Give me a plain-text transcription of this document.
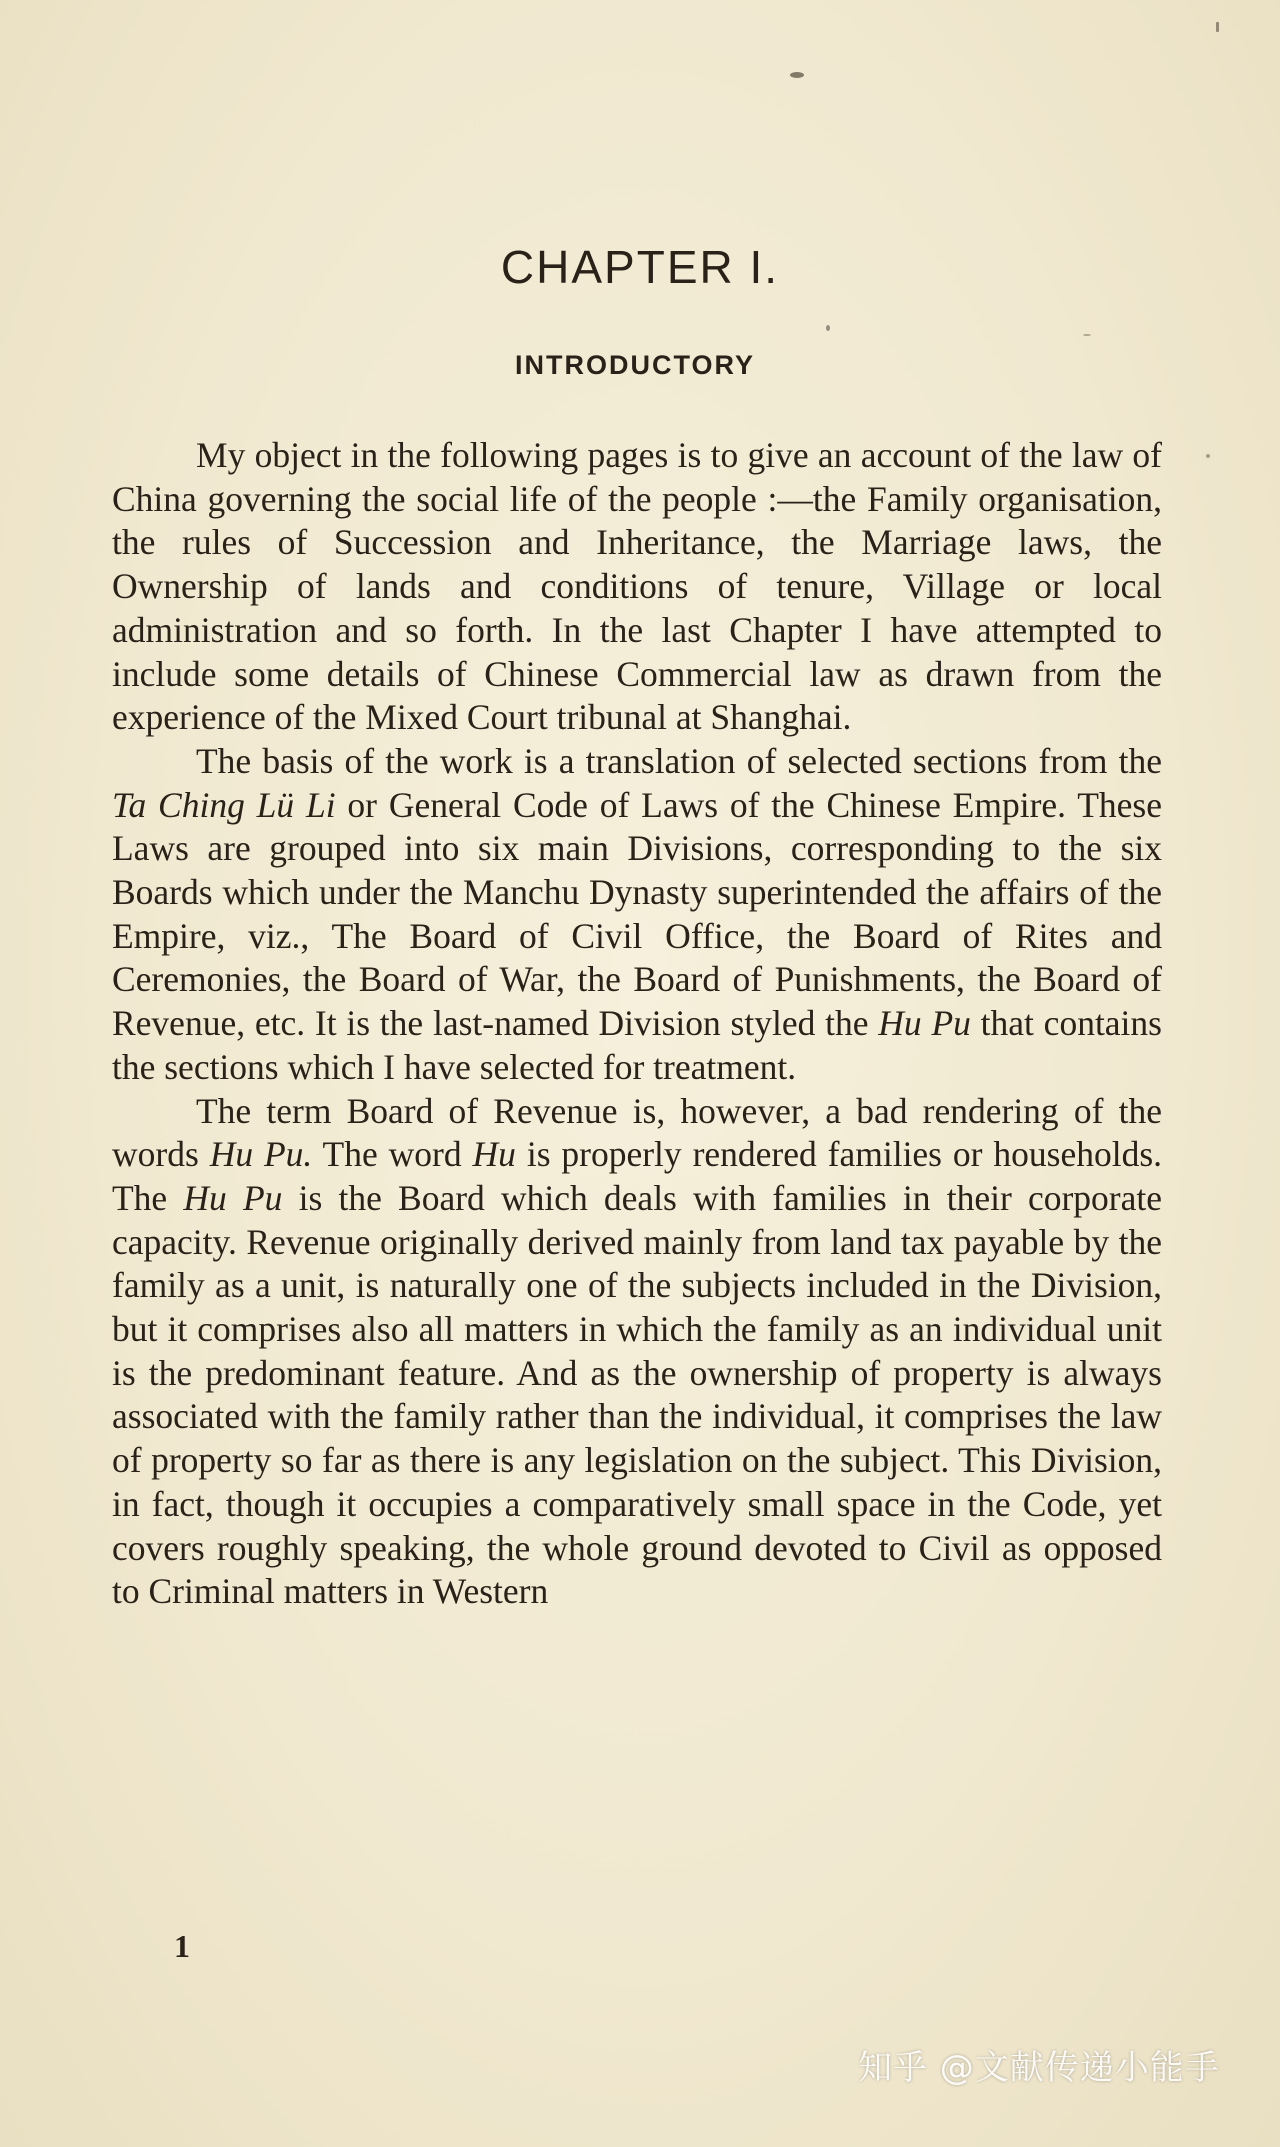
CHAPTER I.
INTRODUCTORY

My object in the following pages is to give an account of the law of China governing the social life of the people :—the Family organisation, the rules of Succession and Inheritance, the Marriage laws, the Ownership of lands and conditions of tenure, Village or local administration and so forth. In the last Chapter I have attempted to include some details of Chinese Commercial law as drawn from the experience of the Mixed Court tribunal at Shanghai.

The basis of the work is a translation of selected sections from the Ta Ching Lü Li or General Code of Laws of the Chinese Empire. These Laws are grouped into six main Divisions, corresponding to the six Boards which under the Manchu Dynasty superintended the affairs of the Empire, viz., The Board of Civil Office, the Board of Rites and Ceremonies, the Board of War, the Board of Punishments, the Board of Revenue, etc. It is the last-named Division styled the Hu Pu that contains the sections which I have selected for treatment.

The term Board of Revenue is, however, a bad rendering of the words Hu Pu. The word Hu is properly rendered families or households. The Hu Pu is the Board which deals with families in their corporate capacity. Revenue originally derived mainly from land tax payable by the family as a unit, is naturally one of the subjects included in the Division, but it comprises also all matters in which the family as an individual unit is the predominant feature. And as the ownership of property is always associated with the family rather than the individual, it comprises the law of property so far as there is any legislation on the subject. This Division, in fact, though it occupies a comparatively small space in the Code, yet covers roughly speaking, the whole ground devoted to Civil as opposed to Criminal matters in Western

1
知乎 @文献传递小能手
